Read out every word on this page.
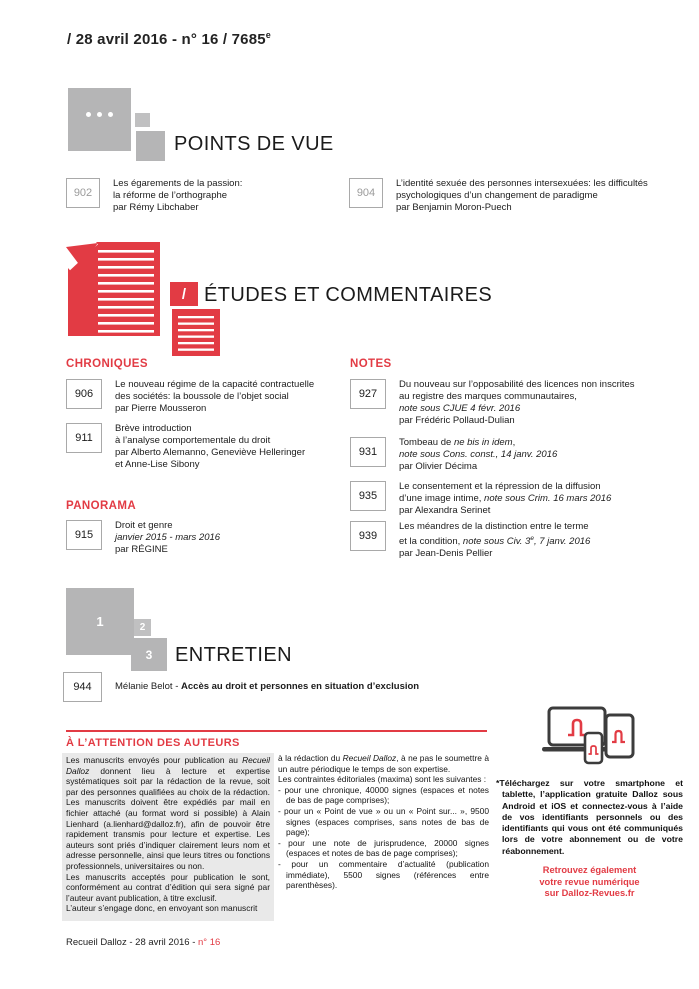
/ 28 avril 2016 - n° 16 / 7685e
POINTS DE VUE
902
Les égarements de la passion:
la réforme de l’orthographe
par Rémy Libchaber
904
L’identité sexuée des personnes intersexuées: les difficultés
psychologiques d’un changement de paradigme
par Benjamin Moron-Puech
/ ÉTUDES ET COMMENTAIRES
CHRONIQUES
906
Le nouveau régime de la capacité contractuelle
des sociétés: la boussole de l’objet social
par Pierre Mousseron
911
Brève introduction
à l’analyse comportementale du droit
par Alberto Alemanno, Geneviève Helleringer
et Anne-Lise Sibony
PANORAMA
915
Droit et genre
janvier 2015 - mars 2016
par RÉGINE
NOTES
927
Du nouveau sur l’opposabilité des licences non inscrites
au registre des marques communautaires,
note sous CJUE 4 févr. 2016
par Frédéric Pollaud-Dulian
931
Tombeau de ne bis in idem,
note sous Cons. const., 14 janv. 2016
par Olivier Décima
935
Le consentement et la répression de la diffusion
d’une image intime, note sous Crim. 16 mars 2016
par Alexandra Serinet
939
Les méandres de la distinction entre le terme
et la condition, note sous Civ. 3e, 7 janv. 2016
par Jean-Denis Pellier
1	2
3	ENTRETIEN
944	Mélanie Belot - Accès au droit et personnes en situation d’exclusion
À L’ATTENTION DES AUTEURS

Les manuscrits envoyés pour publication au Recueil Dalloz donnent lieu à lecture et expertise systématiques soit par la rédaction de la revue, soit par des personnes qualifiées au choix de la rédaction. Les manuscrits doivent être expédiés par mail en fichier attaché (au format word si possible) à Alain Lienhard (a.lienhard@dalloz.fr), afin de pouvoir être rapidement transmis pour lecture et expertise. Les auteurs sont priés d’indiquer clairement leurs nom et adresse personnelle, ainsi que leurs titres ou fonctions professionnels, universitaires ou non.

Les manuscrits acceptés pour publication le sont, conformément au contrat d’édition qui sera signé par l’auteur avant publication, à titre exclusif.

L’auteur s’engage donc, en envoyant son manuscrit

à la rédaction du Recueil Dalloz, à ne pas le soumettre à un autre périodique le temps de son expertise.

Les contraintes éditoriales (maxima) sont les suivantes :

- pour une chronique, 40000 signes (espaces et notes de bas de page comprises);

- pour un « Point de vue » ou un « Point sur... », 9500 signes (espaces comprises, sans notes de bas de page);

- pour une note de jurisprudence, 20000 signes (espaces et notes de bas de page comprises);

- pour un commentaire d’actualité (publication immédiate), 5500 signes (références entre parenthèses).

*Téléchargez sur votre smartphone et tablette, l’application gratuite Dalloz sous Android et iOS et connectez-vous à l’aide de vos identifiants personnels ou des identifiants qui vous ont été communiqués lors de votre abonnement ou de votre réabonnement.

Retrouvez également
votre revue numérique
sur Dalloz-Revues.fr
Recueil Dalloz - 28 avril 2016 - n° 16
